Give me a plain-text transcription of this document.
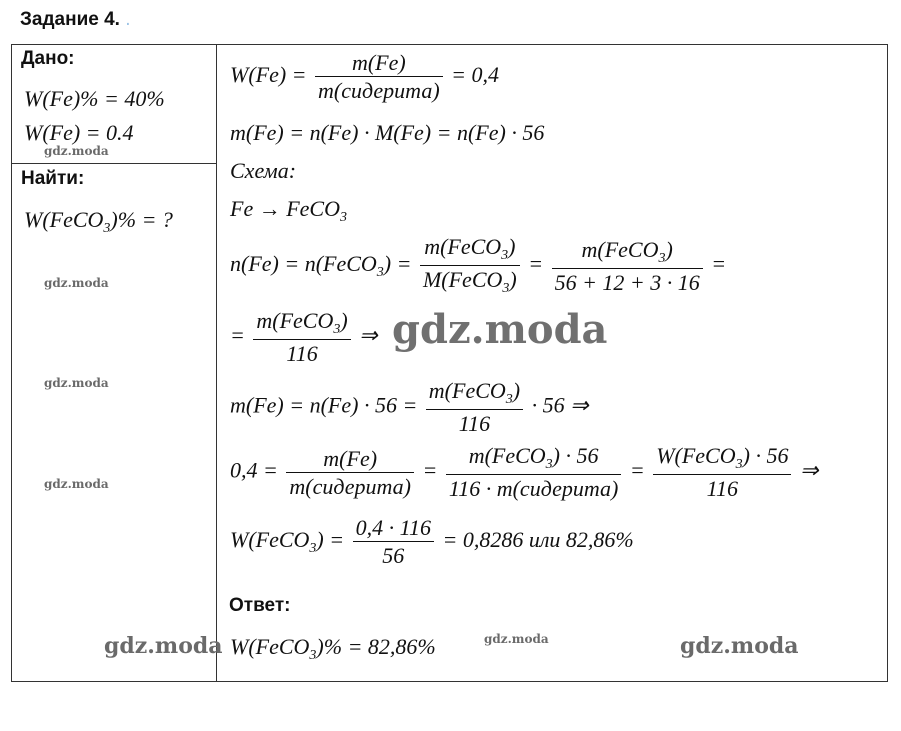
Задание 4. .
Дано:
W(Fe)% = 40%
W(Fe) = 0.4
Найти:
W(FeCO$_3$)% = ?
$W(Fe) = \frac{m(Fe)}{\text{m(сидерита)}} = 0,4$
m(Fe) = n(Fe) · M(Fe) = n(Fe) · 56
Схема:
Fe → FeCO$_3$
n(Fe) = n(FeCO$_3$) = $\frac{m(FeCO_3)}{M(FeCO_3)} = \frac{m(FeCO_3)}{56 + 12 + 3 \cdot 16}$ =
= $\frac{m(FeCO_3)}{116}$ ⇒
$m(Fe) = n(Fe) \cdot 56 = \frac{m(FeCO_3)}{116} \cdot 56$ ⇒
$0,4 = \frac{m(Fe)}{\text{m(сидерита)}} = \frac{m(FeCO_3) \cdot 56}{\text{116 · m(сидерита)}} = \frac{W(FeCO_3) \cdot 56}{116}$ ⇒
W(FeCO$_3$) = $\frac{0,4 \cdot 116}{56} = 0,8286$ или 82,86%
Ответ:
W(FeCO$_3$)% = 82,86%
gdz.moda
gdz.moda
gdz.moda
gdz.moda
gdz.moda
gdz.moda	gdz.moda	gdz.moda
